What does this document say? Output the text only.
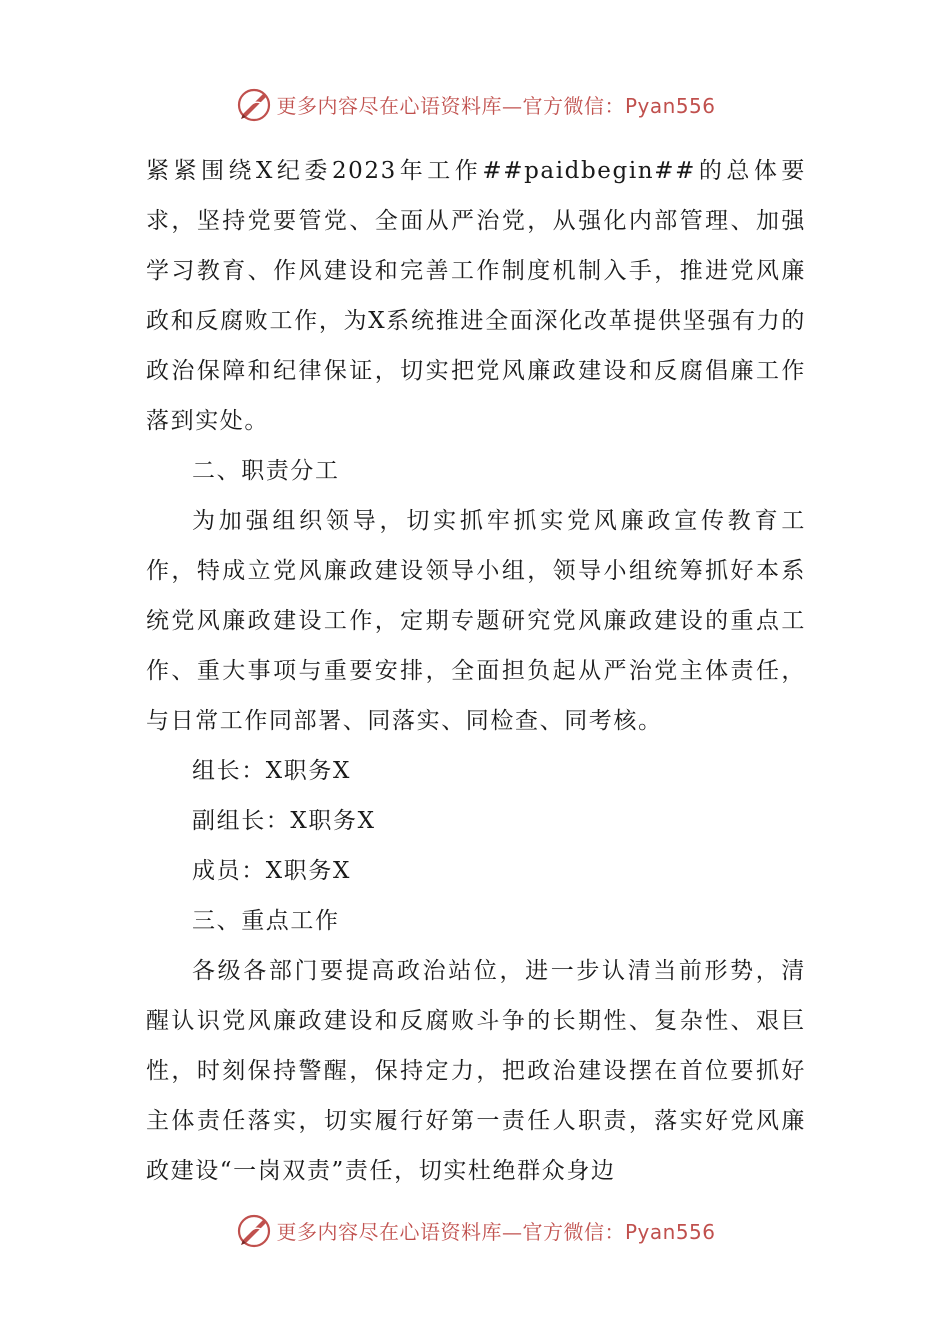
更多内容尽在心语资料库—官方微信：Pyan556

紧紧围绕X纪委2023年工作##paidbegin##的总体要求，坚持党要管党、全面从严治党，从强化内部管理、加强学习教育、作风建设和完善工作制度机制入手，推进党风廉政和反腐败工作，为X系统推进全面深化改革提供坚强有力的政治保障和纪律保证，切实把党风廉政建设和反腐倡廉工作落到实处。

二、职责分工

为加强组织领导，切实抓牢抓实党风廉政宣传教育工作，特成立党风廉政建设领导小组，领导小组统筹抓好本系统党风廉政建设工作，定期专题研究党风廉政建设的重点工作、重大事项与重要安排，全面担负起从严治党主体责任，与日常工作同部署、同落实、同检查、同考核。

组长：X职务X

副组长：X职务X

成员：X职务X

三、重点工作

各级各部门要提高政治站位，进一步认清当前形势，清醒认识党风廉政建设和反腐败斗争的长期性、复杂性、艰巨性，时刻保持警醒，保持定力，把政治建设摆在首位要抓好主体责任落实，切实履行好第一责任人职责，落实好党风廉政建设“一岗双责”责任，切实杜绝群众身边

更多内容尽在心语资料库—官方微信：Pyan556
